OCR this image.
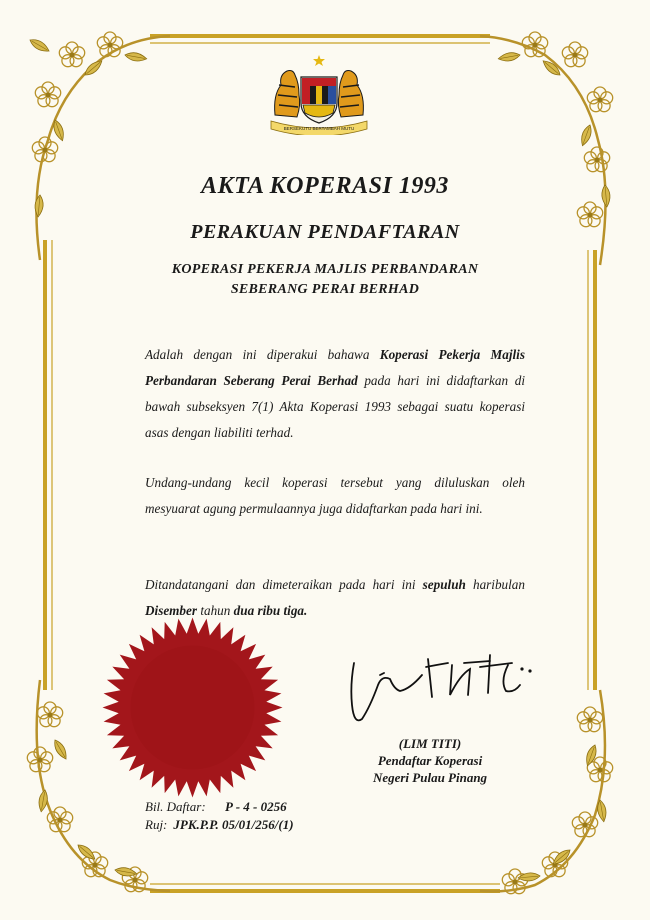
BERSEKUTU BERTAMBAH MUTU
AKTA KOPERASI 1993
PERAKUAN PENDAFTARAN
KOPERASI PEKERJA MAJLIS PERBANDARAN
SEBERANG PERAI BERHAD
Adalah dengan ini diperakui bahawa Koperasi Pekerja Majlis Perbandaran Seberang Perai Berhad pada hari ini didaftarkan di bawah subseksyen 7(1) Akta Koperasi 1993 sebagai suatu koperasi asas dengan liabiliti terhad.
Undang-undang kecil koperasi tersebut yang diluluskan oleh mesyuarat agung permulaannya juga didaftarkan pada hari ini.
Ditandatangani dan dimeteraikan pada hari ini sepuluh haribulan Disember tahun dua ribu tiga.
(LIM TITI)
Pendaftar Koperasi
Negeri Pulau Pinang
Bil. Daftar: P - 4 - 0256
Ruj: JPK.P.P. 05/01/256/(1)
